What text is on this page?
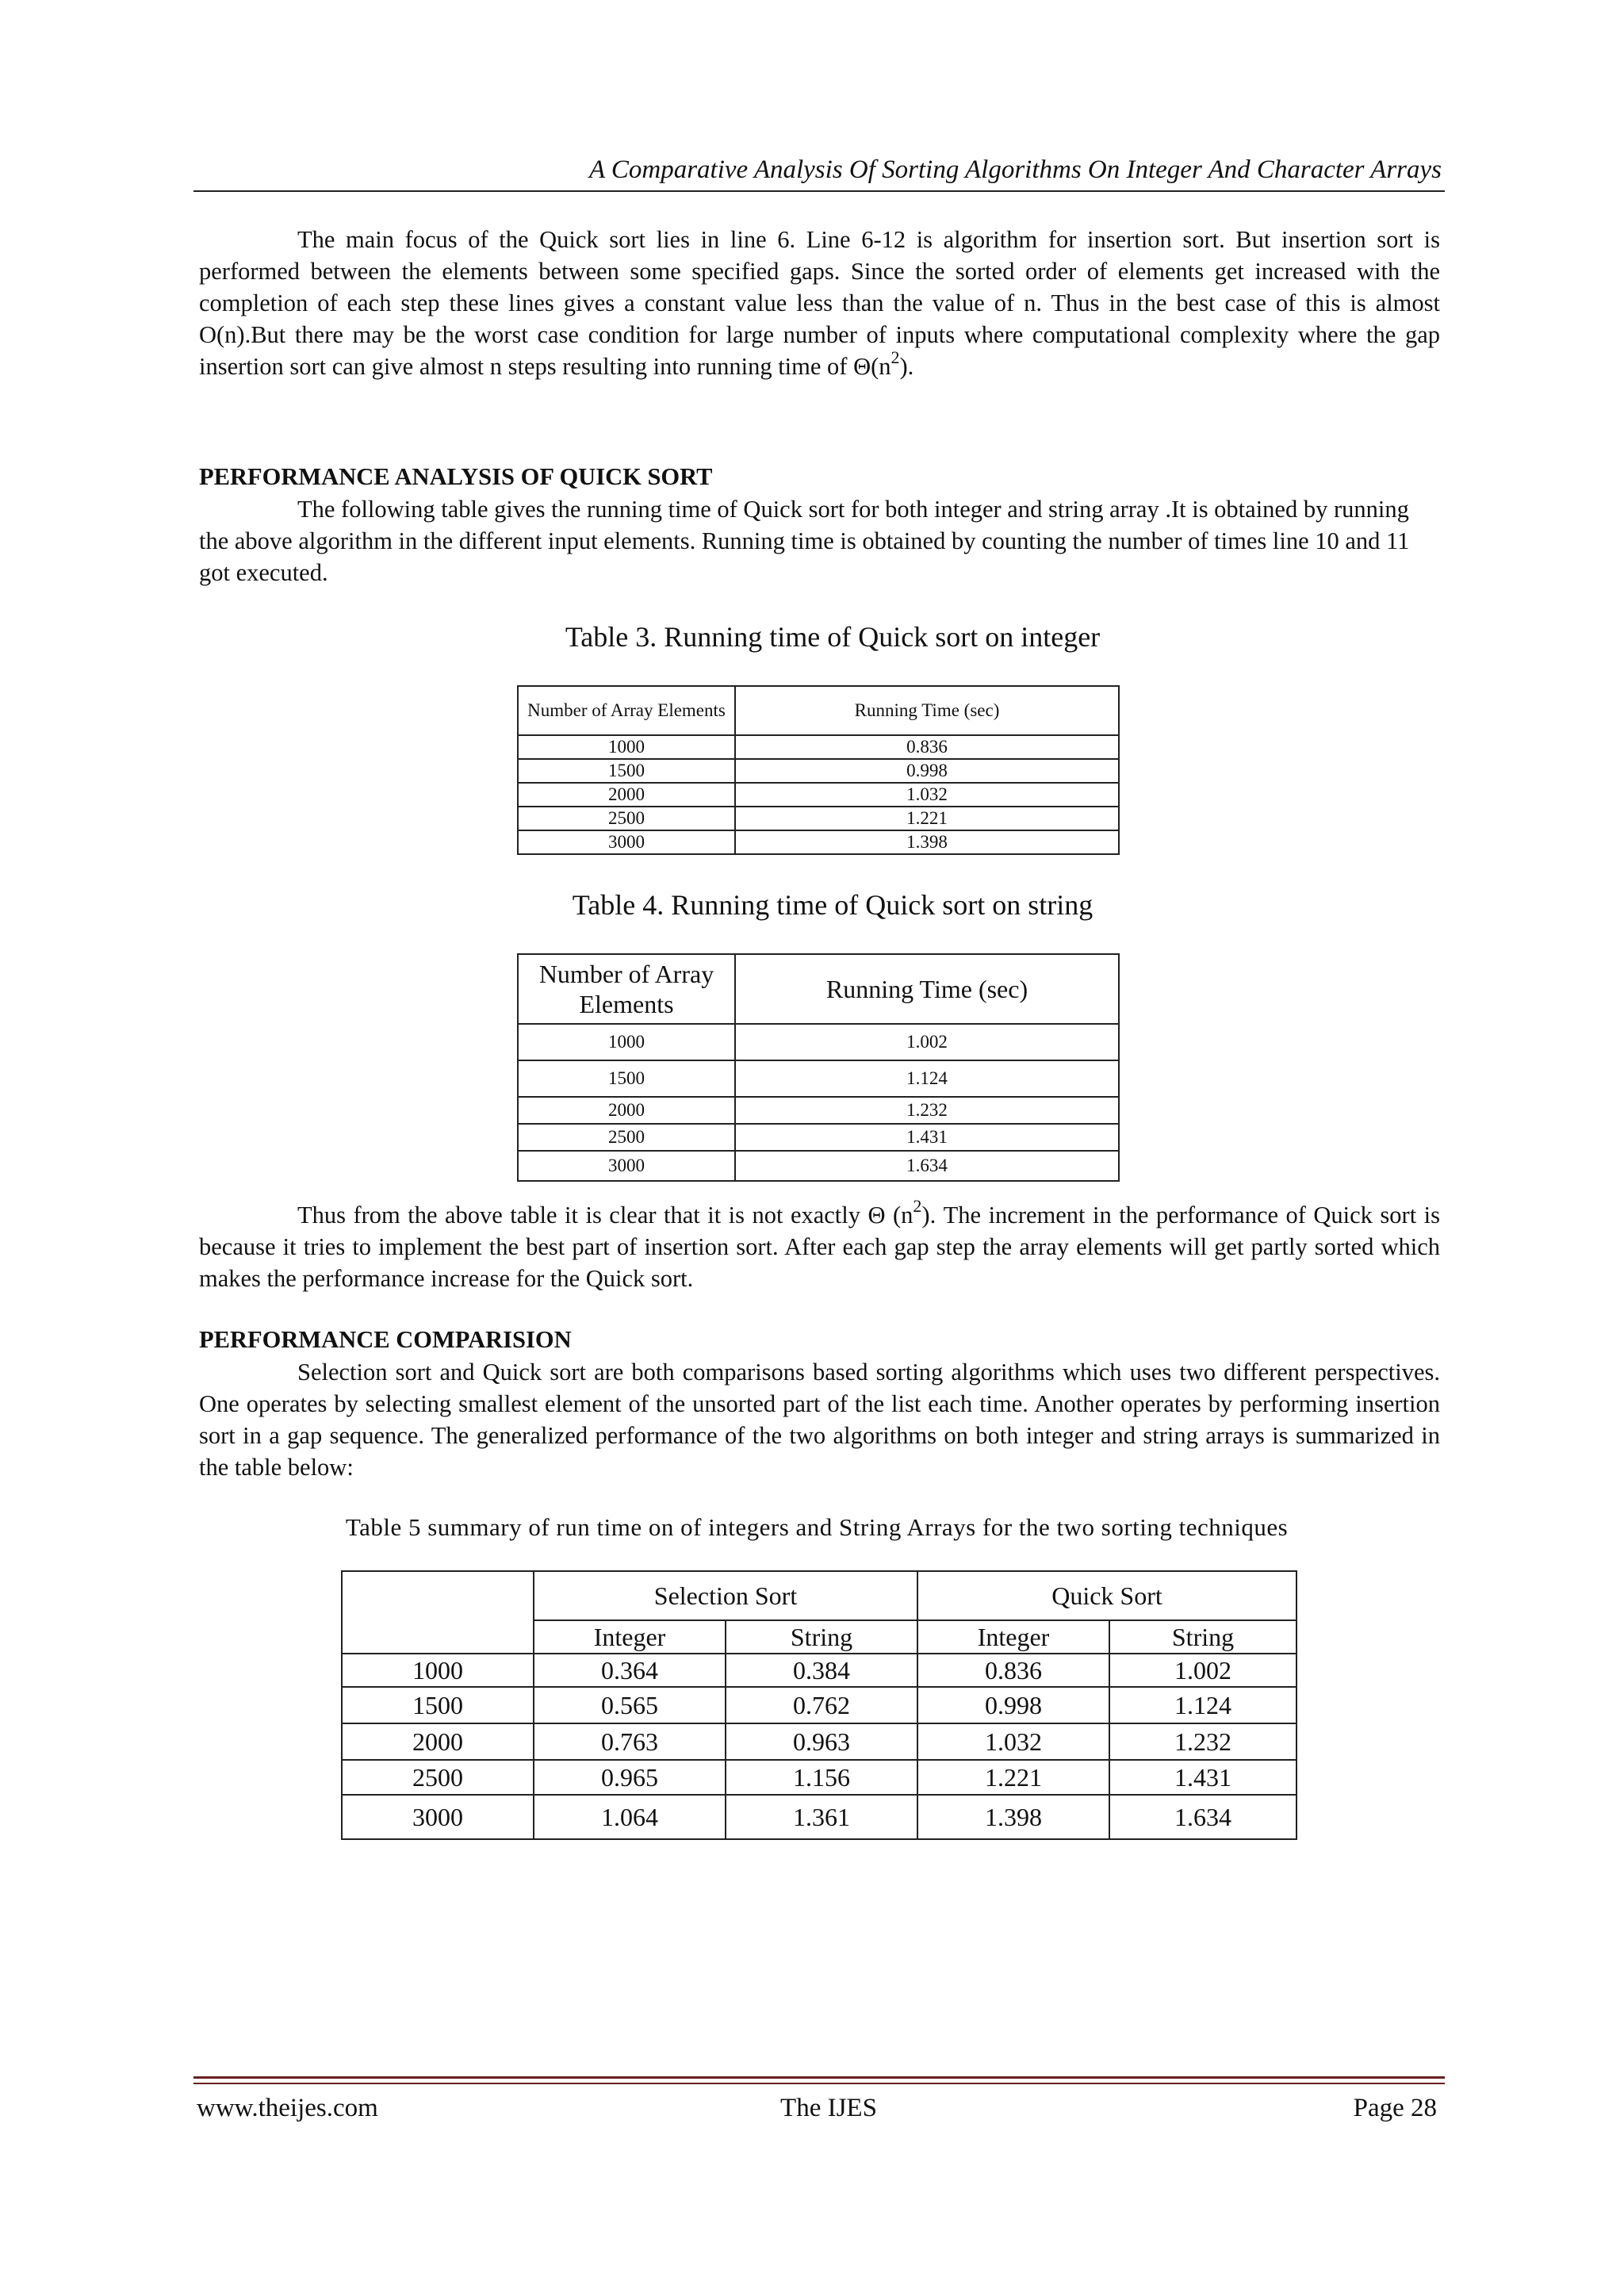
A Comparative Analysis Of Sorting Algorithms On Integer And Character Arrays

The main focus of the Quick sort lies in line 6. Line 6-12 is algorithm for insertion sort. But insertion sort is performed between the elements between some specified gaps. Since the sorted order of elements get increased with the completion of each step these lines gives a constant value less than the value of n. Thus in the best case of this is almost O(n).But there may be the worst case condition for large number of inputs where computational complexity where the gap insertion sort can give almost n steps resulting into running time of $\Theta(n^2)$.

PERFORMANCE ANALYSIS OF QUICK SORT

The following table gives the running time of Quick sort for both integer and string array .It is obtained by running the above algorithm in the different input elements. Running time is obtained by counting the number of times line 10 and 11 got executed.

Table 3. Running time of Quick sort on integer
Number of Array Elements	Running Time (sec)
1000	0.836
1500	0.998
2000	1.032
2500	1.221
3000	1.398
Table 4. Running time of Quick sort on string
Number of Array Elements	Running Time (sec)
1000	1.002
1500	1.124
2000	1.232
2500	1.431
3000	1.634

Thus from the above table it is clear that it is not exactly Θ $(n^2)$. The increment in the performance of Quick sort is because it tries to implement the best part of insertion sort. After each gap step the array elements will get partly sorted which makes the performance increase for the Quick sort.

PERFORMANCE COMPARISION

Selection sort and Quick sort are both comparisons based sorting algorithms which uses two different perspectives. One operates by selecting smallest element of the unsorted part of the list each time. Another operates by performing insertion sort in a gap sequence. The generalized performance of the two algorithms on both integer and string arrays is summarized in the table below:

Table 5 summary of run time on of integers and String Arrays for the two sorting techniques
	Selection Sort		Quick Sort	
	Integer	String	Integer	String
1000	0.364	0.384	0.836	1.002
1500	0.565	0.762	0.998	1.124
2000	0.763	0.963	1.032	1.232
2500	0.965	1.156	1.221	1.431
3000	1.064	1.361	1.398	1.634
www.theijes.com	The IJES	Page 28
